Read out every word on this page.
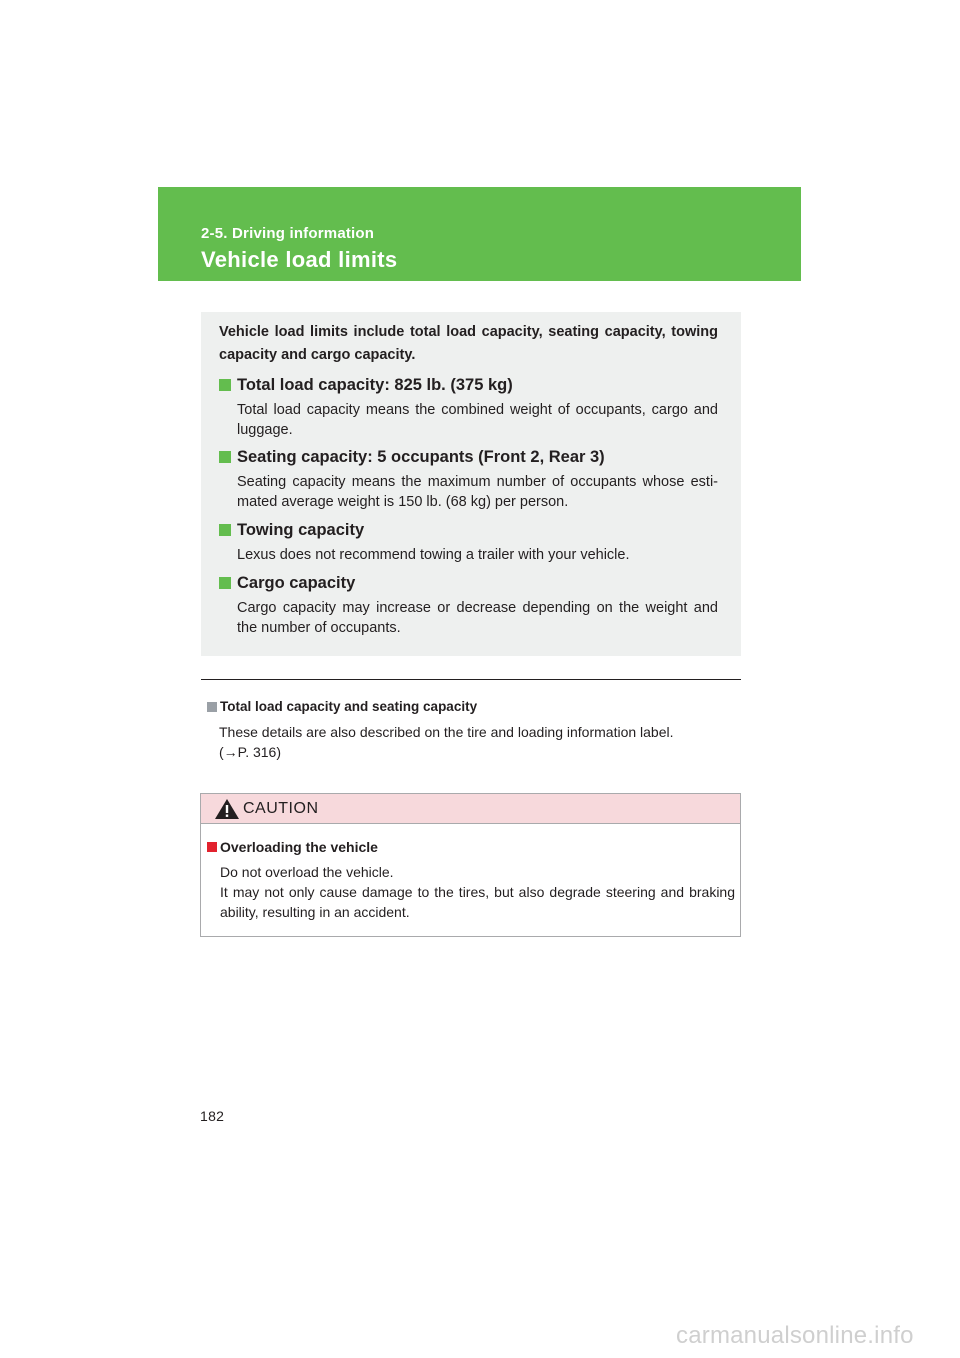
2-5. Driving information
Vehicle load limits
Vehicle load limits include total load capacity, seating capacity, towing capacity and cargo capacity.
Total load capacity: 825 lb. (375 kg)
Total load capacity means the combined weight of occupants, cargo and luggage.
Seating capacity: 5 occupants (Front 2, Rear 3)
Seating capacity means the maximum number of occupants whose esti-mated average weight is 150 lb. (68 kg) per person.
Towing capacity
Lexus does not recommend towing a trailer with your vehicle.
Cargo capacity
Cargo capacity may increase or decrease depending on the weight and the number of occupants.
Total load capacity and seating capacity
These details are also described on the tire and loading information label.
(→P. 316)
CAUTION
Overloading the vehicle
Do not overload the vehicle.
It may not only cause damage to the tires, but also degrade steering and braking ability, resulting in an accident.
182
carmanualsonline.info
